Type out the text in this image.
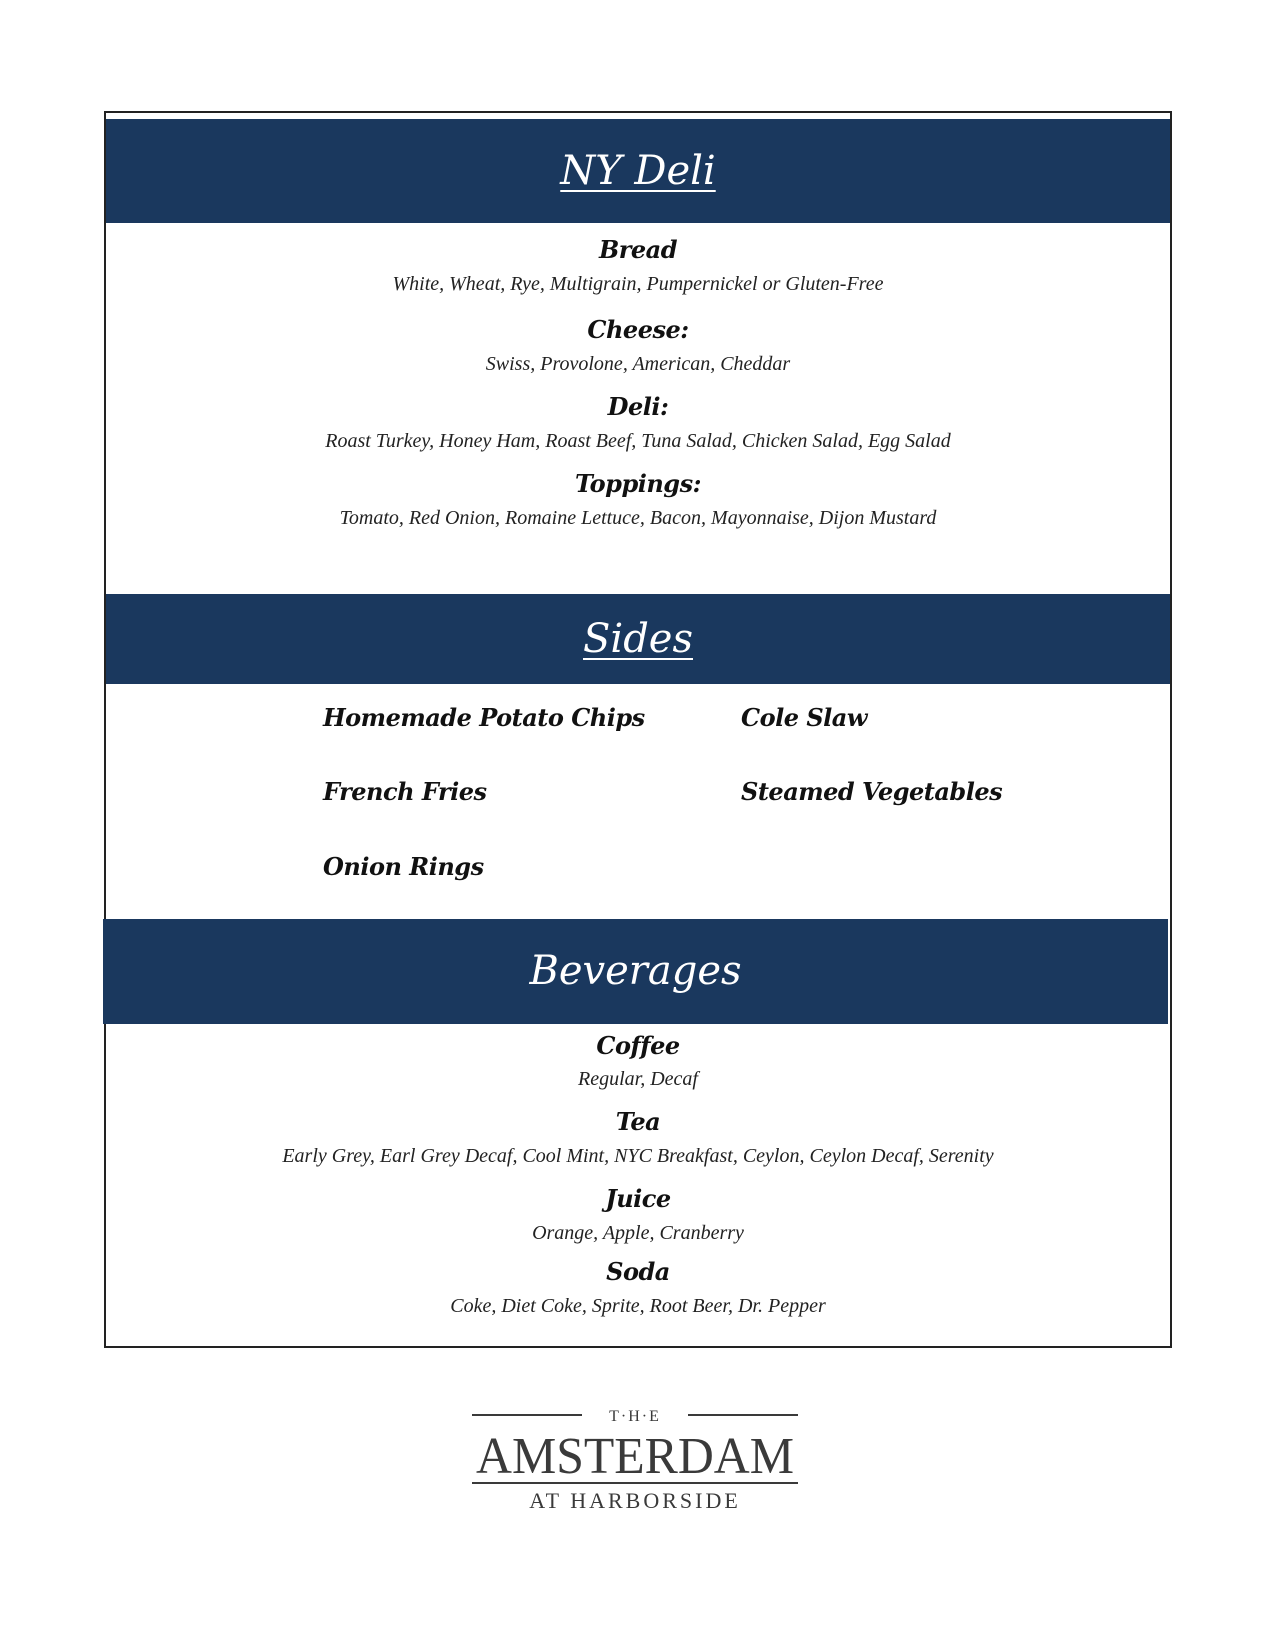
NY Deli
Bread
White, Wheat, Rye, Multigrain, Pumpernickel or Gluten-Free
Cheese:
Swiss, Provolone, American, Cheddar
Deli:
Roast Turkey, Honey Ham, Roast Beef, Tuna Salad, Chicken Salad, Egg Salad
Toppings:
Tomato, Red Onion, Romaine Lettuce, Bacon, Mayonnaise, Dijon Mustard
Sides
Homemade Potato Chips	Cole Slaw
French Fries	Steamed Vegetables
Onion Rings
Beverages
Coffee
Regular, Decaf
Tea
Early Grey, Earl Grey Decaf, Cool Mint, NYC Breakfast, Ceylon, Ceylon Decaf, Serenity
Juice
Orange, Apple, Cranberry
Soda
Coke, Diet Coke, Sprite, Root Beer, Dr. Pepper
T·H·E
AMSTERDAM
AT HARBORSIDE
